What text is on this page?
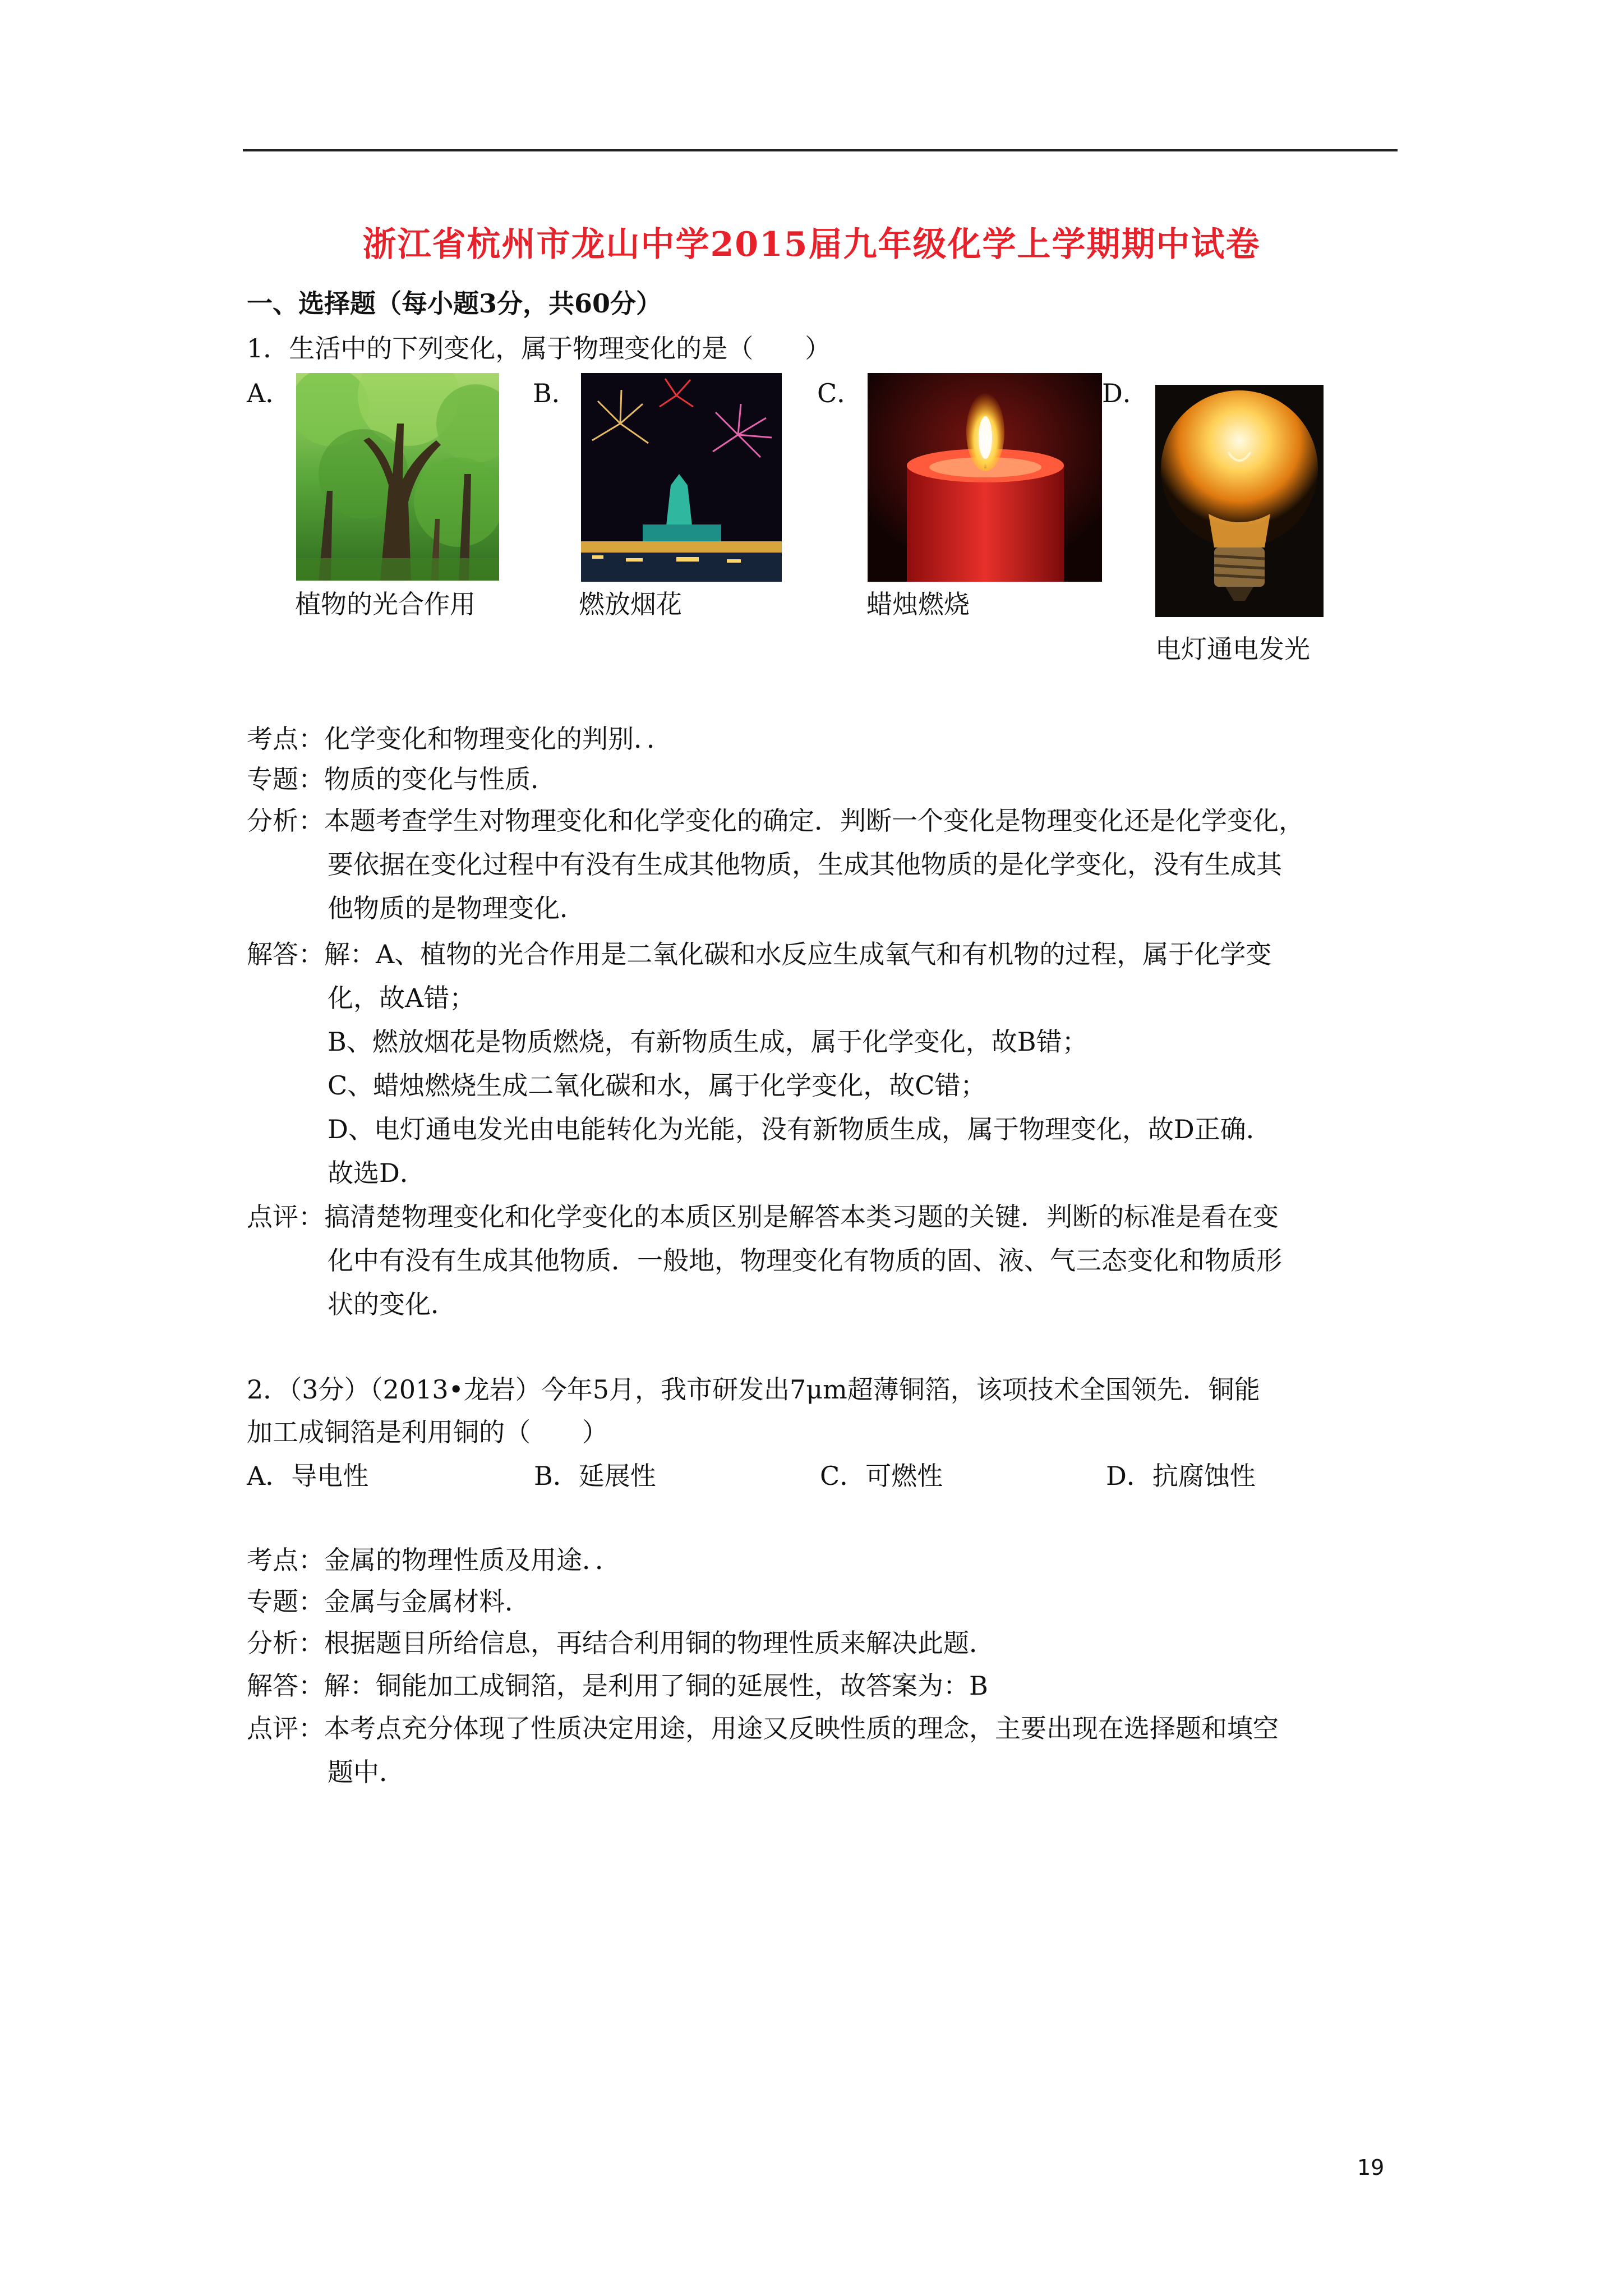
浙江省杭州市龙山中学2015届九年级化学上学期期中试卷
一、选择题（每小题3分，共60分）
1．生活中的下列变化，属于物理变化的是（　　）
A．	B．	C．	D．
植物的光合作用	燃放烟花	蜡烛燃烧
电灯通电发光
考点：化学变化和物理变化的判别．．
专题：物质的变化与性质．
分析：本题考查学生对物理变化和化学变化的确定．判断一个变化是物理变化还是化学变化，
要依据在变化过程中有没有生成其他物质，生成其他物质的是化学变化，没有生成其
他物质的是物理变化．
解答：解：A、植物的光合作用是二氧化碳和水反应生成氧气和有机物的过程，属于化学变
化，故A错；
B、燃放烟花是物质燃烧，有新物质生成，属于化学变化，故B错；
C、蜡烛燃烧生成二氧化碳和水，属于化学变化，故C错；
D、电灯通电发光由电能转化为光能，没有新物质生成，属于物理变化，故D正确．
故选D．
点评：搞清楚物理变化和化学变化的本质区别是解答本类习题的关键．判断的标准是看在变
化中有没有生成其他物质．一般地，物理变化有物质的固、液、气三态变化和物质形
状的变化．
2．（3分）（2013•龙岩）今年5月，我市研发出7μm超薄铜箔，该项技术全国领先．铜能
加工成铜箔是利用铜的（　　）
A．导电性	B．延展性	C．可燃性	D．抗腐蚀性
考点：金属的物理性质及用途．．
专题：金属与金属材料．
分析：根据题目所给信息，再结合利用铜的物理性质来解决此题．
解答：解：铜能加工成铜箔，是利用了铜的延展性，故答案为：B
点评：本考点充分体现了性质决定用途，用途又反映性质的理念，主要出现在选择题和填空
题中．
19
